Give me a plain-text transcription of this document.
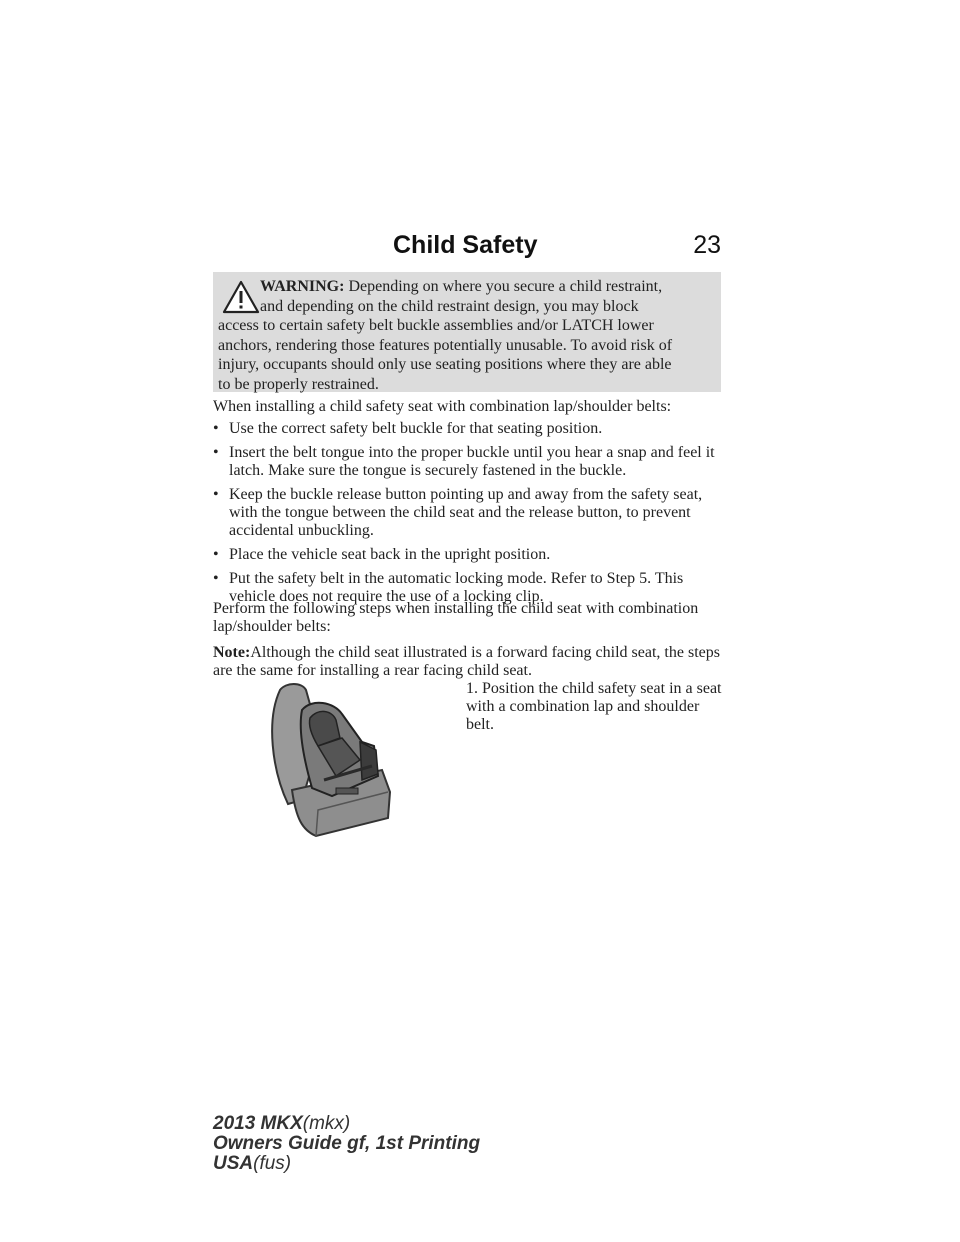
Child Safety	23
WARNING: Depending on where you secure a child restraint,
and depending on the child restraint design, you may block
access to certain safety belt buckle assemblies and/or LATCH lower
anchors, rendering those features potentially unusable. To avoid risk of
injury, occupants should only use seating positions where they are able
to be properly restrained.
When installing a child safety seat with combination lap/shoulder belts:
• Use the correct safety belt buckle for that seating position.
• Insert the belt tongue into the proper buckle until you hear a snap and feel it latch. Make sure the tongue is securely fastened in the buckle.
• Keep the buckle release button pointing up and away from the safety seat, with the tongue between the child seat and the release button, to prevent accidental unbuckling.
• Place the vehicle seat back in the upright position.
• Put the safety belt in the automatic locking mode. Refer to Step 5. This vehicle does not require the use of a locking clip.
Perform the following steps when installing the child seat with combination lap/shoulder belts:
Note:Although the child seat illustrated is a forward facing child seat, the steps are the same for installing a rear facing child seat.
1. Position the child safety seat in a seat with a combination lap and shoulder belt.
2013 MKX(mkx)
Owners Guide gf, 1st Printing
USA(fus)
